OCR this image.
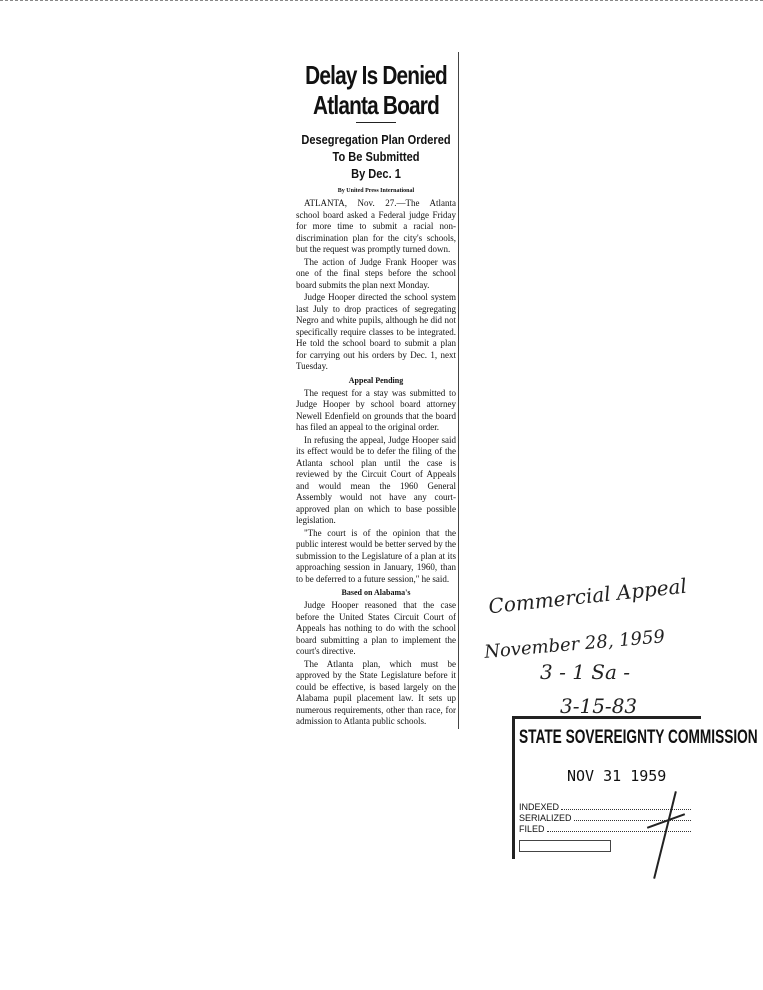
Delay Is Denied
Atlanta Board
Desegregation Plan Ordered
To Be Submitted
By Dec. 1
By United Press International

ATLANTA, Nov. 27.—The Atlanta school board asked a Federal judge Friday for more time to submit a racial non-discrimination plan for the city's schools, but the request was promptly turned down.

The action of Judge Frank Hooper was one of the final steps before the school board submits the plan next Monday.

Judge Hooper directed the school system last July to drop practices of segregating Negro and white pupils, although he did not specifically require classes to be integrated. He told the school board to submit a plan for carrying out his orders by Dec. 1, next Tuesday.

Appeal Pending

The request for a stay was submitted to Judge Hooper by school board attorney Newell Edenfield on grounds that the board has filed an appeal to the original order.

In refusing the appeal, Judge Hooper said its effect would be to defer the filing of the Atlanta school plan until the case is reviewed by the Circuit Court of Appeals and would mean the 1960 General Assembly would not have any court-approved plan on which to base possible legislation.

"The court is of the opinion that the public interest would be better served by the submission to the Legislature of a plan at its approaching session in January, 1960, than to be deferred to a future session," he said.

Based on Alabama's

Judge Hooper reasoned that the case before the United States Circuit Court of Appeals has nothing to do with the school board submitting a plan to implement the court's directive.

The Atlanta plan, which must be approved by the State Legislature before it could be effective, is based largely on the Alabama pupil placement law. It sets up numerous requirements, other than race, for admission to Atlanta public schools.

Commercial Appeal
November 28, 1959
3 - 1 Sa -
3-15-83
STATE SOVEREIGNTY COMMISSION
NOV 31 1959
INDEXED
SERIALIZED
FILED
